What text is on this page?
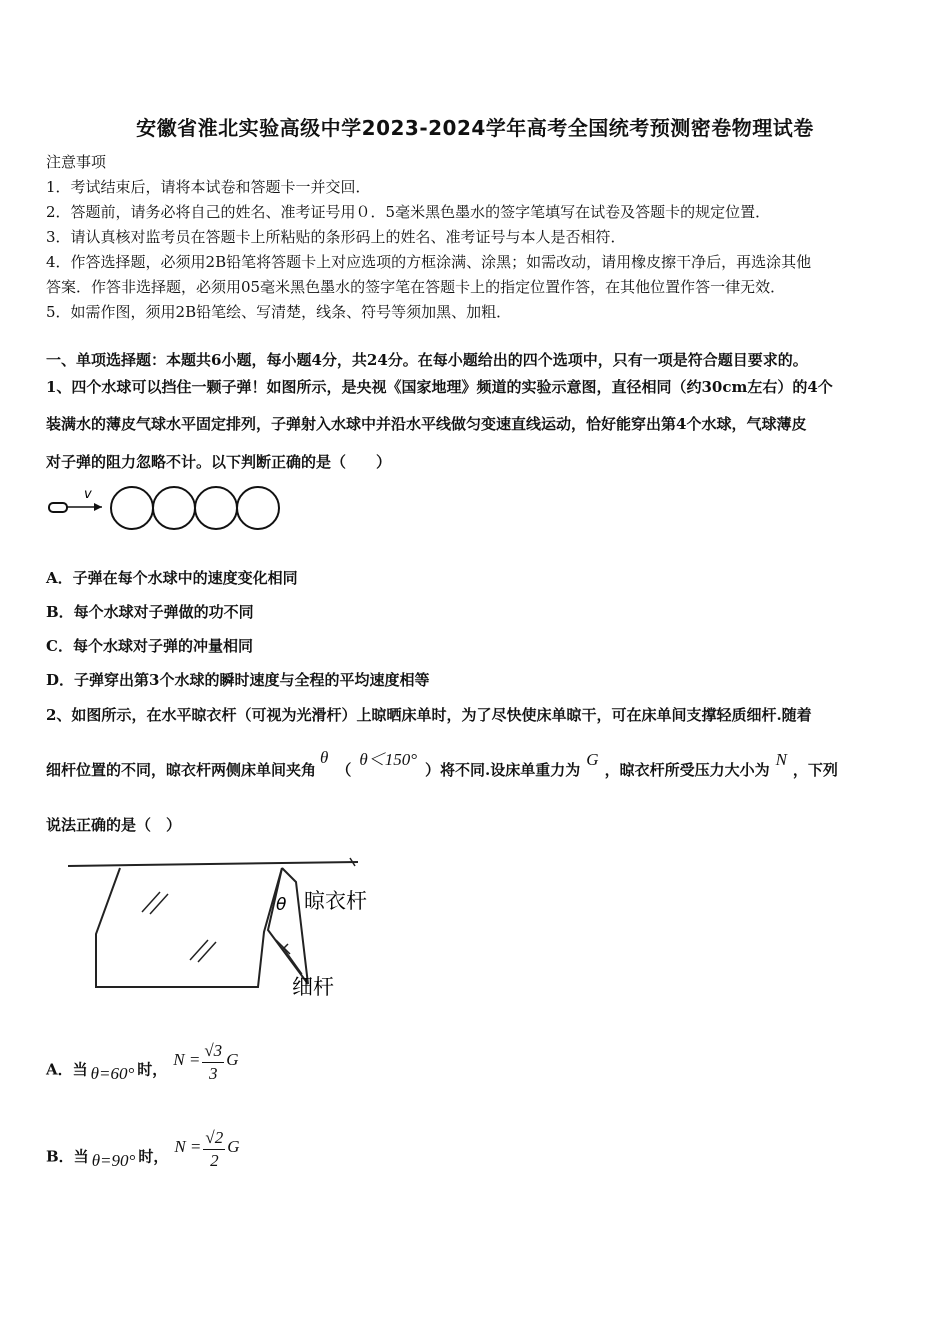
安徽省淮北实验高级中学2023-2024学年高考全国统考预测密卷物理试卷
注意事项
1．考试结束后，请将本试卷和答题卡一并交回．
2．答题前，请务必将自己的姓名、准考证号用０．5毫米黑色墨水的签字笔填写在试卷及答题卡的规定位置．
3．请认真核对监考员在答题卡上所粘贴的条形码上的姓名、准考证号与本人是否相符．
4．作答选择题，必须用2B铅笔将答题卡上对应选项的方框涂满、涂黑；如需改动，请用橡皮擦干净后，再选涂其他
答案．作答非选择题，必须用05毫米黑色墨水的签字笔在答题卡上的指定位置作答，在其他位置作答一律无效．
5．如需作图，须用2B铅笔绘、写清楚，线条、符号等须加黑、加粗．
一、单项选择题：本题共6小题，每小题4分，共24分。在每小题给出的四个选项中，只有一项是符合题目要求的。
1、四个水球可以挡住一颗子弹！如图所示，是央视《国家地理》频道的实验示意图，直径相同（约30cm左右）的4个
装满水的薄皮气球水平固定排列，子弹射入水球中并沿水平线做匀变速直线运动，恰好能穿出第4个水球，气球薄皮
对子弹的阻力忽略不计。以下判断正确的是（　　）
v
A．子弹在每个水球中的速度变化相同
B．每个水球对子弹做的功不同
C．每个水球对子弹的冲量相同
D．子弹穿出第3个水球的瞬时速度与全程的平均速度相等
2、如图所示，在水平晾衣杆（可视为光滑杆）上晾晒床单时，为了尽快使床单晾干，可在床单间支撑轻质细杆.随着
细杆位置的不同，晾衣杆两侧床单间夹角θ（θ＜150°）将不同.设床单重力为G，晾衣杆所受压力大小为N，下列
说法正确的是（　）
θ 晾衣杆
细杆
A．当 θ=60° 时，$N = \frac{√3}{3}$ G
B．当 θ=90° 时，$N = \frac{√2}{2}$ G
